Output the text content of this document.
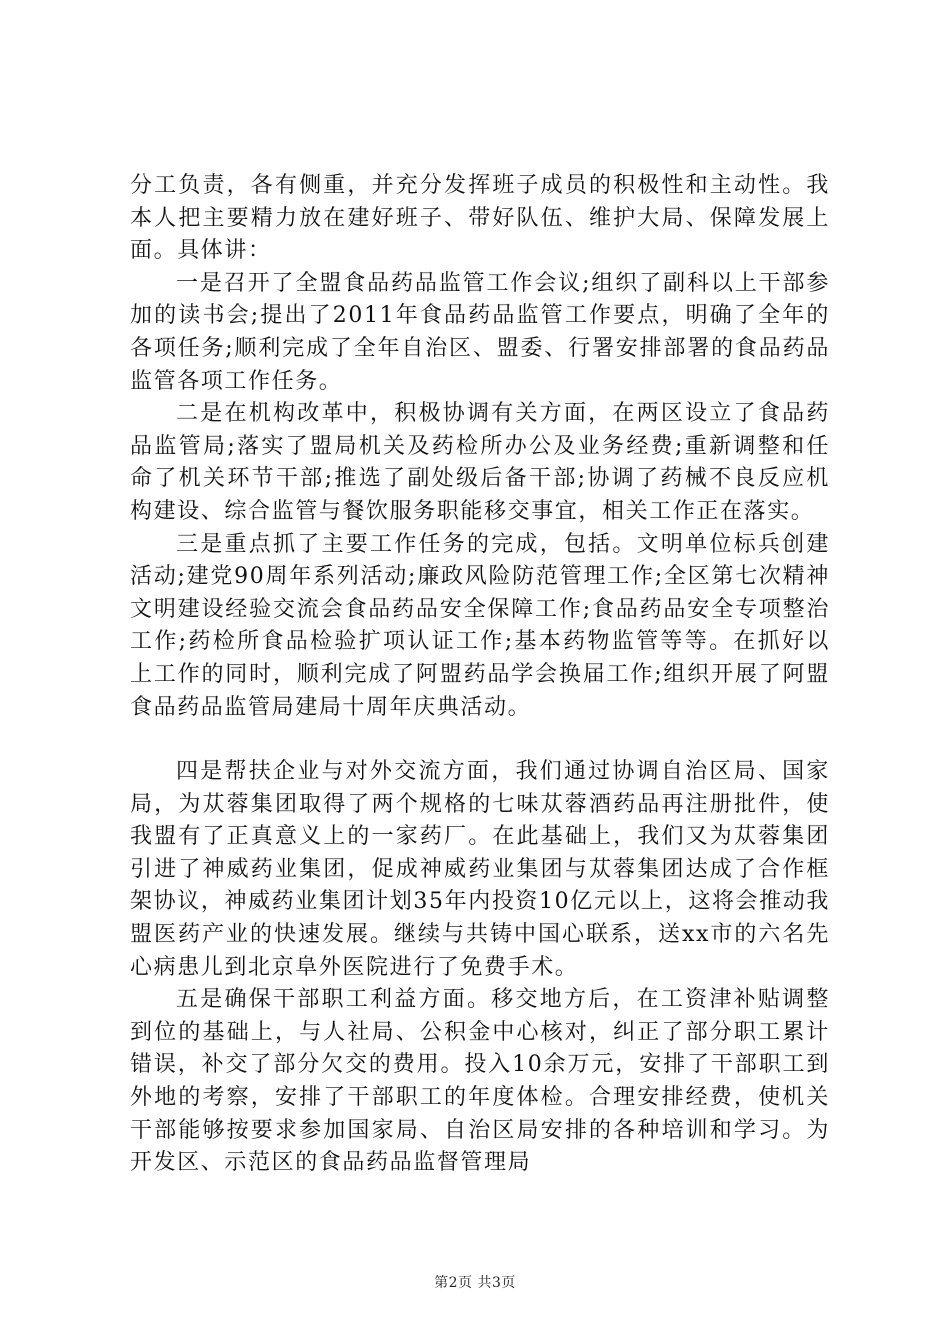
分工负责，各有侧重，并充分发挥班子成员的积极性和主动性。我本人把主要精力放在建好班子、带好队伍、维护大局、保障发展上面。具体讲：

一是召开了全盟食品药品监管工作会议;组织了副科以上干部参加的读书会;提出了2011年食品药品监管工作要点，明确了全年的各项任务;顺利完成了全年自治区、盟委、行署安排部署的食品药品监管各项工作任务。

二是在机构改革中，积极协调有关方面，在两区设立了食品药品监管局;落实了盟局机关及药检所办公及业务经费;重新调整和任命了机关环节干部;推选了副处级后备干部;协调了药械不良反应机构建设、综合监管与餐饮服务职能移交事宜，相关工作正在落实。

三是重点抓了主要工作任务的完成，包括。文明单位标兵创建活动;建党90周年系列活动;廉政风险防范管理工作;全区第七次精神文明建设经验交流会食品药品安全保障工作;食品药品安全专项整治工作;药检所食品检验扩项认证工作;基本药物监管等等。在抓好以上工作的同时，顺利完成了阿盟药品学会换届工作;组织开展了阿盟食品药品监管局建局十周年庆典活动。

四是帮扶企业与对外交流方面，我们通过协调自治区局、国家局，为苁蓉集团取得了两个规格的七味苁蓉酒药品再注册批件，使我盟有了正真意义上的一家药厂。在此基础上，我们又为苁蓉集团引进了神威药业集团，促成神威药业集团与苁蓉集团达成了合作框架协议，神威药业集团计划35年内投资10亿元以上，这将会推动我盟医药产业的快速发展。继续与共铸中国心联系，送xx市的六名先心病患儿到北京阜外医院进行了免费手术。

五是确保干部职工利益方面。移交地方后，在工资津补贴调整到位的基础上，与人社局、公积金中心核对，纠正了部分职工累计错误，补交了部分欠交的费用。投入10余万元，安排了干部职工到外地的考察，安排了干部职工的年度体检。合理安排经费，使机关干部能够按要求参加国家局、自治区局安排的各种培训和学习。为开发区、示范区的食品药品监督管理局

第2页 共3页
